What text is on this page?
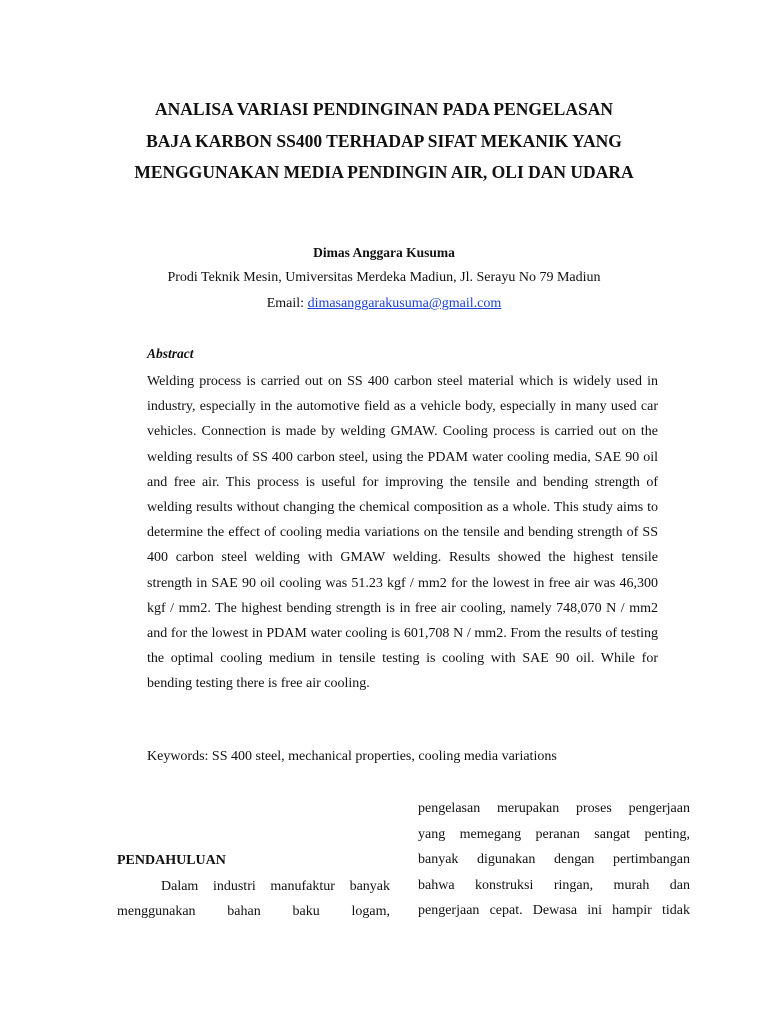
ANALISA VARIASI PENDINGINAN PADA PENGELASAN BAJA KARBON SS400 TERHADAP SIFAT MEKANIK YANG MENGGUNAKAN MEDIA PENDINGIN AIR, OLI DAN UDARA
Dimas Anggara Kusuma
Prodi Teknik Mesin, Umiversitas Merdeka Madiun, Jl. Serayu No 79 Madiun
Email: dimasanggarakusuma@gmail.com
Abstract
Welding process is carried out on SS 400 carbon steel material which is widely used in industry, especially in the automotive field as a vehicle body, especially in many used car vehicles. Connection is made by welding GMAW. Cooling process is carried out on the welding results of SS 400 carbon steel, using the PDAM water cooling media, SAE 90 oil and free air. This process is useful for improving the tensile and bending strength of welding results without changing the chemical composition as a whole. This study aims to determine the effect of cooling media variations on the tensile and bending strength of SS 400 carbon steel welding with GMAW welding. Results showed the highest tensile strength in SAE 90 oil cooling was 51.23 kgf / mm2 for the lowest in free air was 46,300 kgf / mm2. The highest bending strength is in free air cooling, namely 748,070 N / mm2 and for the lowest in PDAM water cooling is 601,708 N / mm2. From the results of testing the optimal cooling medium in tensile testing is cooling with SAE 90 oil. While for bending testing there is free air cooling.
Keywords: SS 400 steel, mechanical properties, cooling media variations
PENDAHULUAN

Dalam industri manufaktur banyak

menggunakan bahan baku logam,

pengelasan merupakan proses pengerjaan
yang memegang peranan sangat penting,
banyak digunakan dengan pertimbangan
bahwa konstruksi ringan, murah dan
pengerjaan cepat. Dewasa ini hampir tidak
